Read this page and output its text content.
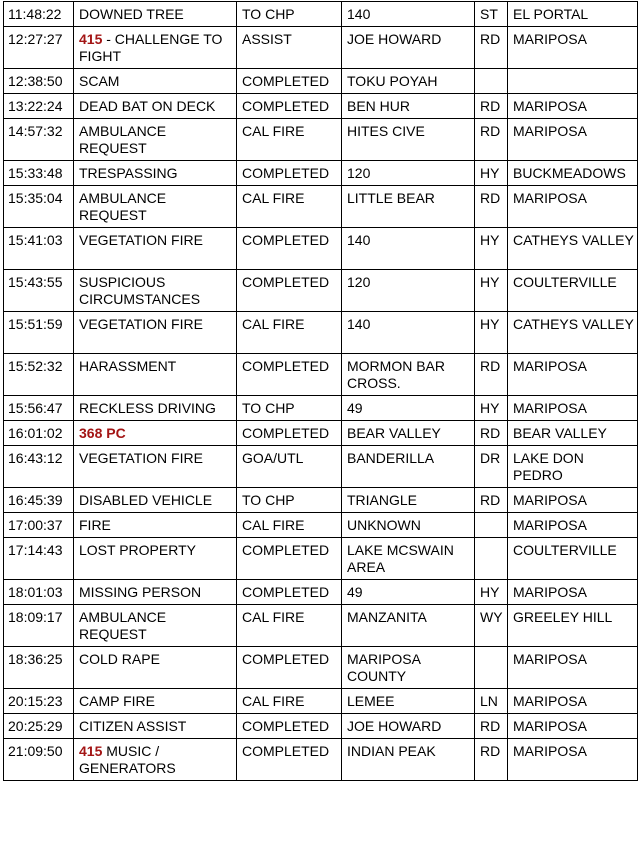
11:48:22	DOWNED TREE	TO CHP	140	ST	EL PORTAL
12:27:27	415 - CHALLENGE TO FIGHT	ASSIST	JOE HOWARD	RD	MARIPOSA
12:38:50	SCAM	COMPLETED	TOKU POYAH		
13:22:24	DEAD BAT ON DECK	COMPLETED	BEN HUR	RD	MARIPOSA
14:57:32	AMBULANCE REQUEST	CAL FIRE	HITES CIVE	RD	MARIPOSA
15:33:48	TRESPASSING	COMPLETED	120	HY	BUCKMEADOWS
15:35:04	AMBULANCE REQUEST	CAL FIRE	LITTLE BEAR	RD	MARIPOSA
15:41:03	VEGETATION FIRE	COMPLETED	140	HY	CATHEYS VALLEY
15:43:55	SUSPICIOUS CIRCUMSTANCES	COMPLETED	120	HY	COULTERVILLE
15:51:59	VEGETATION FIRE	CAL FIRE	140	HY	CATHEYS VALLEY
15:52:32	HARASSMENT	COMPLETED	MORMON BAR CROSS.	RD	MARIPOSA
15:56:47	RECKLESS DRIVING	TO CHP	49	HY	MARIPOSA
16:01:02	368 PC	COMPLETED	BEAR VALLEY	RD	BEAR VALLEY
16:43:12	VEGETATION FIRE	GOA/UTL	BANDERILLA	DR	LAKE DON PEDRO
16:45:39	DISABLED VEHICLE	TO CHP	TRIANGLE	RD	MARIPOSA
17:00:37	FIRE	CAL FIRE	UNKNOWN		MARIPOSA
17:14:43	LOST PROPERTY	COMPLETED	LAKE MCSWAIN AREA		COULTERVILLE
18:01:03	MISSING PERSON	COMPLETED	49	HY	MARIPOSA
18:09:17	AMBULANCE REQUEST	CAL FIRE	MANZANITA	WY	GREELEY HILL
18:36:25	COLD RAPE	COMPLETED	MARIPOSA COUNTY		MARIPOSA
20:15:23	CAMP FIRE	CAL FIRE	LEMEE	LN	MARIPOSA
20:25:29	CITIZEN ASSIST	COMPLETED	JOE HOWARD	RD	MARIPOSA
21:09:50	415 MUSIC / GENERATORS	COMPLETED	INDIAN PEAK	RD	MARIPOSA
